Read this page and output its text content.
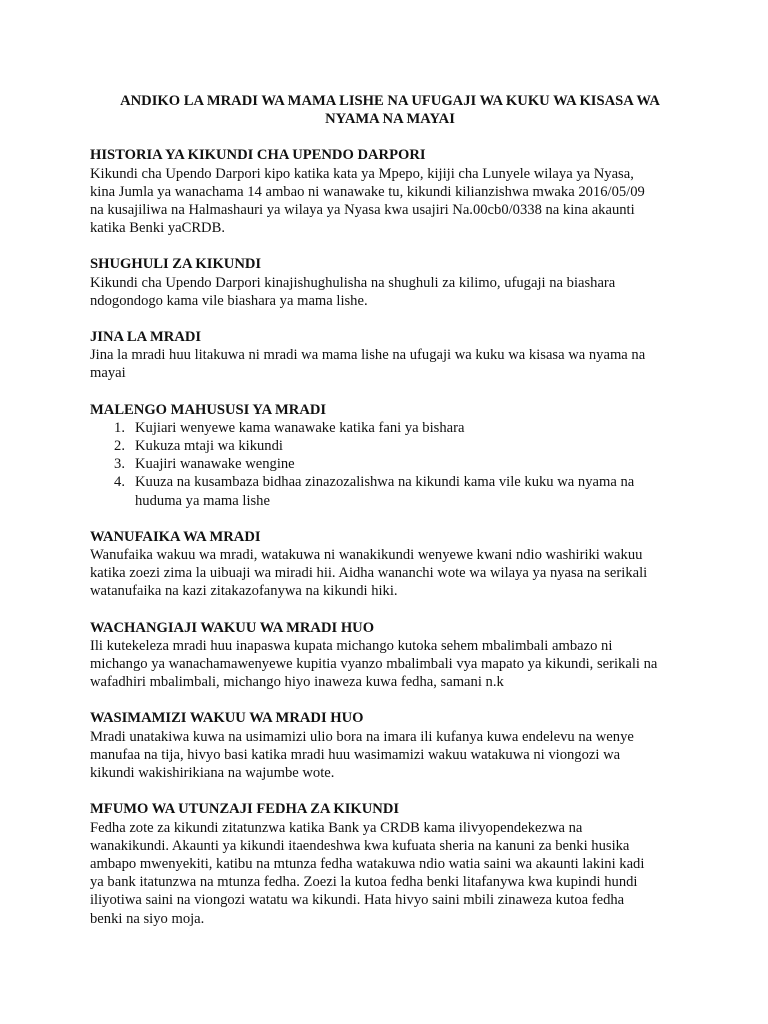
ANDIKO LA MRADI WA MAMA LISHE NA UFUGAJI WA KUKU WA KISASA WA
NYAMA NA MAYAI
HISTORIA YA KIKUNDI CHA UPENDO DARPORI

Kikundi cha Upendo Darpori kipo katika kata ya Mpepo, kijiji cha Lunyele wilaya ya Nyasa,

kina Jumla ya wanachama 14 ambao ni wanawake tu, kikundi kilianzishwa mwaka 2016/05/09

na kusajiliwa na Halmashauri ya wilaya ya Nyasa kwa usajiri Na.00cb0/0338 na kina akaunti

katika Benki yaCRDB.

SHUGHULI ZA KIKUNDI

Kikundi cha Upendo Darpori kinajishughulisha na shughuli za kilimo, ufugaji na biashara

ndogondogo kama vile biashara ya mama lishe.

JINA LA MRADI

Jina la mradi huu litakuwa ni mradi wa mama lishe na ufugaji wa kuku wa kisasa wa nyama na

mayai

MALENGO MAHUSUSI YA MRADI
1. Kujiari wenyewe kama wanawake katika fani ya bishara
2. Kukuza mtaji wa kikundi
3. Kuajiri wanawake wengine
4. Kuuza na kusambaza bidhaa zinazozalishwa na kikundi kama vile kuku wa nyama na
huduma ya mama lishe
WANUFAIKA WA MRADI

Wanufaika wakuu wa mradi, watakuwa ni wanakikundi wenyewe kwani ndio washiriki wakuu

katika zoezi zima la uibuaji wa miradi hii. Aidha wananchi wote wa wilaya ya nyasa na serikali

watanufaika na kazi zitakazofanywa na kikundi hiki.

WACHANGIAJI WAKUU WA MRADI HUO

Ili kutekeleza mradi huu inapaswa kupata michango kutoka sehem mbalimbali ambazo ni

michango ya wanachamawenyewe kupitia vyanzo mbalimbali vya mapato ya kikundi, serikali na

wafadhiri mbalimbali, michango hiyo inaweza kuwa fedha, samani n.k

WASIMAMIZI WAKUU WA MRADI HUO

Mradi unatakiwa kuwa na usimamizi ulio bora na imara ili kufanya kuwa endelevu na wenye

manufaa na tija, hivyo basi katika mradi huu wasimamizi wakuu watakuwa ni viongozi wa

kikundi wakishirikiana na wajumbe wote.

MFUMO WA UTUNZAJI FEDHA ZA KIKUNDI

Fedha zote za kikundi zitatunzwa katika Bank ya CRDB kama ilivyopendekezwa na

wanakikundi. Akaunti ya kikundi itaendeshwa kwa kufuata sheria na kanuni za benki husika

ambapo mwenyekiti, katibu na mtunza fedha watakuwa ndio watia saini wa akaunti lakini kadi

ya bank itatunzwa na mtunza fedha. Zoezi la kutoa fedha benki litafanywa kwa kupindi hundi

iliyotiwa saini na viongozi watatu wa kikundi. Hata hivyo saini mbili zinaweza kutoa fedha

benki na siyo moja.
